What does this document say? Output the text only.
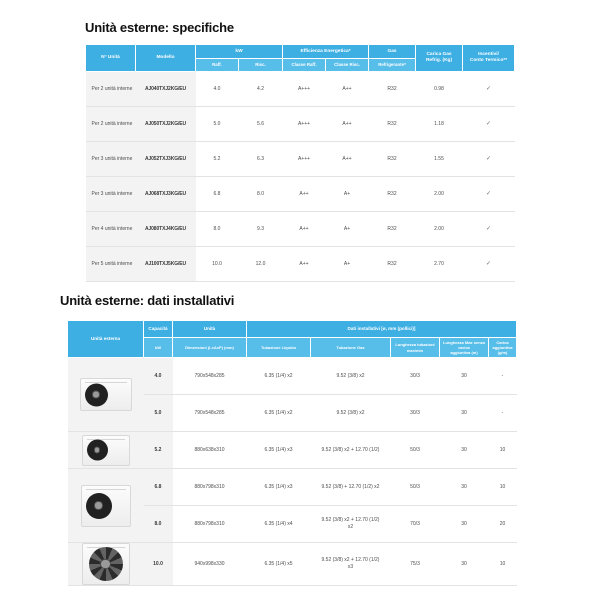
Unità esterne: specifiche
N° Unità	Modello	kW		Efficienza Energetica*		Gas	Carica Gas
Refrig. (Kg)	Incentivi/
Conto Termico**

		Raff.	Risc.	Classe Raff.	Classe Risc.	Refrigerante*		
Per 2 unità interne	AJ040TXJ2KG/EU	4.0	4.2	A+++	A++	R32	0.98	✓
Per 2 unità interne	AJ050TXJ2KG/EU	5.0	5.6	A+++	A++	R32	1.18	✓
Per 3 unità interne	AJ052TXJ3KG/EU	5.2	6.3	A+++	A++	R32	1.55	✓
Per 3 unità interne	AJ068TXJ3KG/EU	6.8	8.0	A++	A+	R32	2.00	✓
Per 4 unità interne	AJ080TXJ4KG/EU	8.0	9.3	A++	A+	R32	2.00	✓
Per 5 unità interne	AJ100TXJ5KG/EU	10.0	12.0	A++	A+	R32	2.70	✓
Unità esterne: dati installativi
Unità esterna	Capacità	Unità	Dati installativi [ø, mm (pollici)]				
	kW	Dimensioni (LxAxP) (mm)	Tubazione Liquido	Tubazione Gas	Lunghezza tubazioni
max/min	Lunghezza Max senza carica
aggiuntiva (m)	Carica aggiuntiva
(g/m)

	4.0	790x548x285	6.35 (1/4) x2	9.52 (3/8) x2	30/3	30	-
	5.0	790x548x285	6.35 (1/4) x2	9.52 (3/8) x2	30/3	30	-

	5.2	880x638x310	6.35 (1/4) x3	9.52 (3/8) x2 + 12.70 (1/2)	50/3	30	10

	6.8	880x798x310	6.35 (1/4) x3	9.52 (3/8) + 12.70 (1/2) x2	50/3	30	10
	8.0	880x798x310	6.35 (1/4) x4	9.52 (3/8) x2 + 12.70 (1/2) x2	70/3	30	20

	10.0	940x998x330	6.35 (1/4) x5	9.52 (3/8) x2 + 12.70 (1/2) x3	75/3	30	10
